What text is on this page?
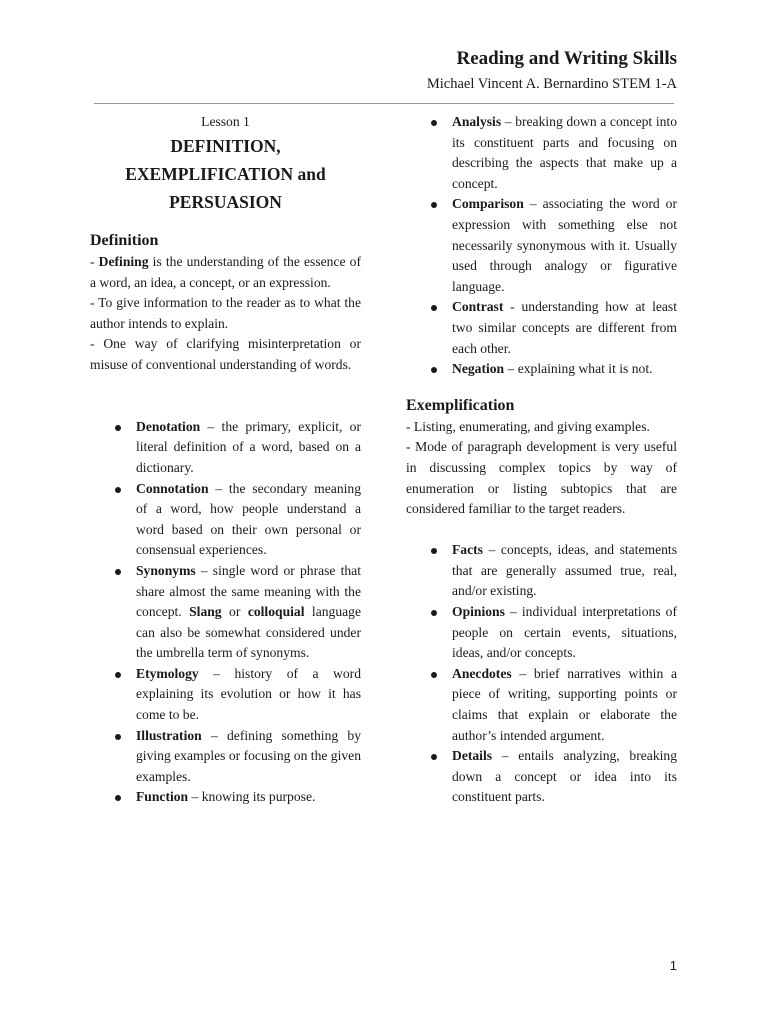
Reading and Writing Skills
Michael Vincent A. Bernardino STEM 1-A
Lesson 1
DEFINITION,
EXEMPLIFICATION and
PERSUASION
Definition

- Defining is the understanding of the essence of a word, an idea, a concept, or an expression.

- To give information to the reader as to what the author intends to explain.

- One way of clarifying misinterpretation or misuse of conventional understanding of words.

Denotation – the primary, explicit, or literal definition of a word, based on a dictionary.
Connotation – the secondary meaning of a word, how people understand a word based on their own personal or consensual experiences.
Synonyms – single word or phrase that share almost the same meaning with the concept. Slang or colloquial language can also be somewhat considered under the umbrella term of synonyms.
Etymology – history of a word explaining its evolution or how it has come to be.
Illustration – defining something by giving examples or focusing on the given examples.
Function – knowing its purpose.
Analysis – breaking down a concept into its constituent parts and focusing on describing the aspects that make up a concept.
Comparison – associating the word or expression with something else not necessarily synonymous with it. Usually used through analogy or figurative language.
Contrast - understanding how at least two similar concepts are different from each other.
Negation – explaining what it is not.
Exemplification

- Listing, enumerating, and giving examples.

- Mode of paragraph development is very useful in discussing complex topics by way of enumeration or listing subtopics that are considered familiar to the target readers.

Facts – concepts, ideas, and statements that are generally assumed true, real, and/or existing.
Opinions – individual interpretations of people on certain events, situations, ideas, and/or concepts.
Anecdotes – brief narratives within a piece of writing, supporting points or claims that explain or elaborate the author’s intended argument.
Details – entails analyzing, breaking down a concept or idea into its constituent parts.
1
